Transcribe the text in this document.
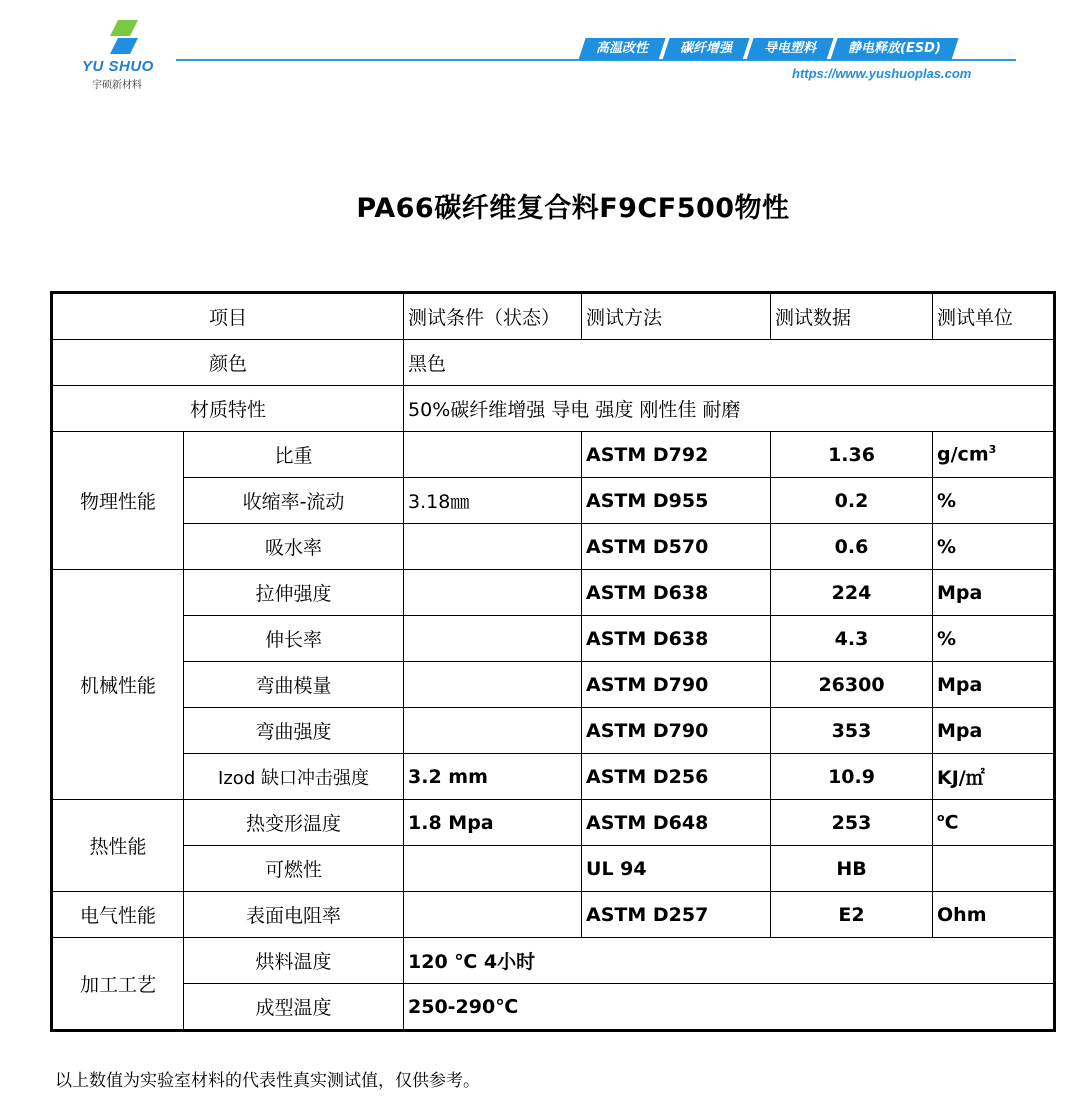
YU SHUO
宇硕新材料
高温改性	碳纤增强	导电塑料	静电释放(ESD)
https://www.yushuoplas.com
PA66碳纤维复合料F9CF500物性
项目		测试条件（状态）	测试方法	测试数据	测试单位
颜色		黑色			
材质特性		50%碳纤维增强 导电 强度 刚性佳 耐磨			
物理性能	比重		ASTM D792	1.36	$g/cm^3$
	收缩率-流动	3.18㎜	ASTM D955	0.2	%
	吸水率		ASTM D570	0.6	%
机械性能	拉伸强度		ASTM D638	224	Mpa
	伸长率		ASTM D638	4.3	%
	弯曲模量		ASTM D790	26300	Mpa
	弯曲强度		ASTM D790	353	Mpa
	Izod 缺口冲击强度	3.2 mm	ASTM D256	10.9	KJ/㎡
热性能	热变形温度	1.8 Mpa	ASTM D648	253	$^o$C
	可燃性		UL 94	HB	
电气性能	表面电阻率		ASTM D257	E2	Ohm
加工工艺	烘料温度	120 ℃ 4小时			
	成型温度	250-290℃			
以上数值为实验室材料的代表性真实测试值，仅供参考。
